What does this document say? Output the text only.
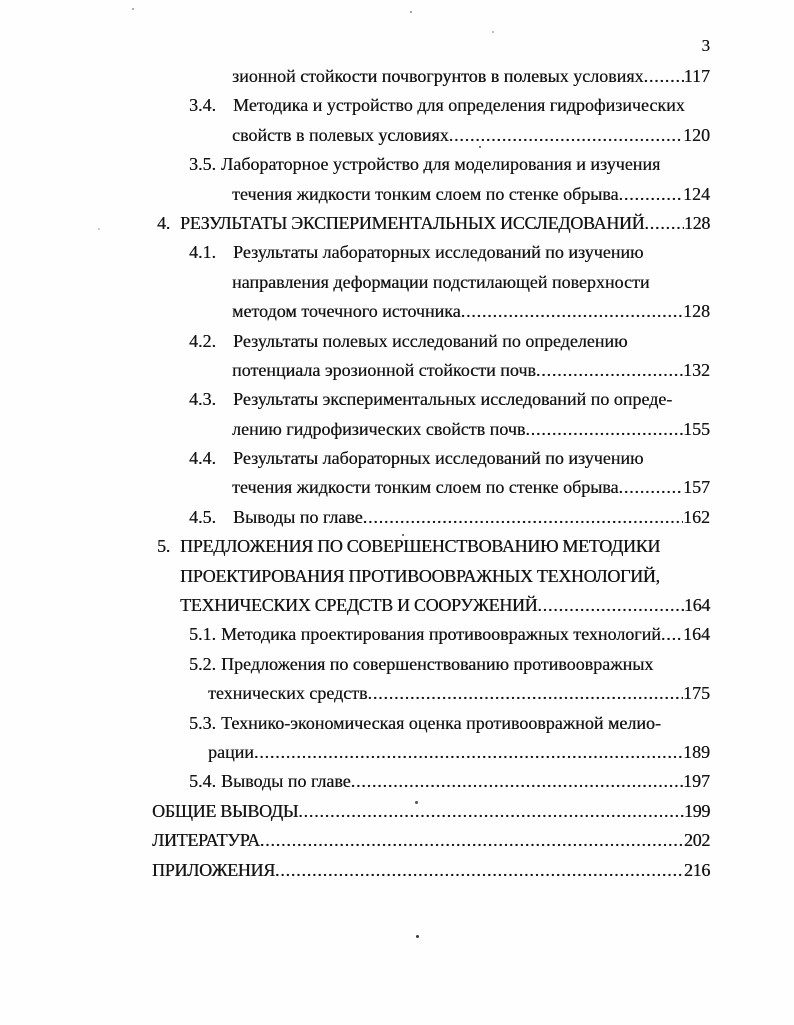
3
зионной стойкости почвогрунтов в полевых условиях ..... 117
3.4. Методика и устройство для определения гидрофизических
свойств в полевых условиях .....	120
3.5. Лабораторное устройство для моделирования и изучения
течения жидкости тонким слоем по стенке обрыва .....	124
4. РЕЗУЛЬТАТЫ ЭКСПЕРИМЕНТАЛЬНЫХ ИССЛЕДОВАНИЙ ..... 128
4.1. Результаты лабораторных исследований по изучению
направления деформации подстилающей поверхности
методом точечного источника .....	128
4.2. Результаты полевых исследований по определению
потенциала эрозионной стойкости почв .....	132
4.3. Результаты экспериментальных исследований по опреде-
лению гидрофизических свойств почв .....	155
4.4. Результаты лабораторных исследований по изучению
течения жидкости тонким слоем по стенке обрыва .....	157
4.5. Выводы по главе .....	162
5. ПРЕДЛОЖЕНИЯ ПО СОВЕРШЕНСТВОВАНИЮ МЕТОДИКИ
ПРОЕКТИРОВАНИЯ ПРОТИВООВРАЖНЫХ ТЕХНОЛОГИЙ,
ТЕХНИЧЕСКИХ СРЕДСТВ И СООРУЖЕНИЙ .....	164
5.1. Методика проектирования противоовражных технологий ..... 164
5.2. Предложения по совершенствованию противоовражных
технических средств .....	175
5.3. Технико-экономическая оценка противоовражной мелио-
рации .....	189
5.4. Выводы по главе .....	197
ОБЩИЕ ВЫВОДЫ .....	199
ЛИТЕРАТУРА .....	202
ПРИЛОЖЕНИЯ .....	216
